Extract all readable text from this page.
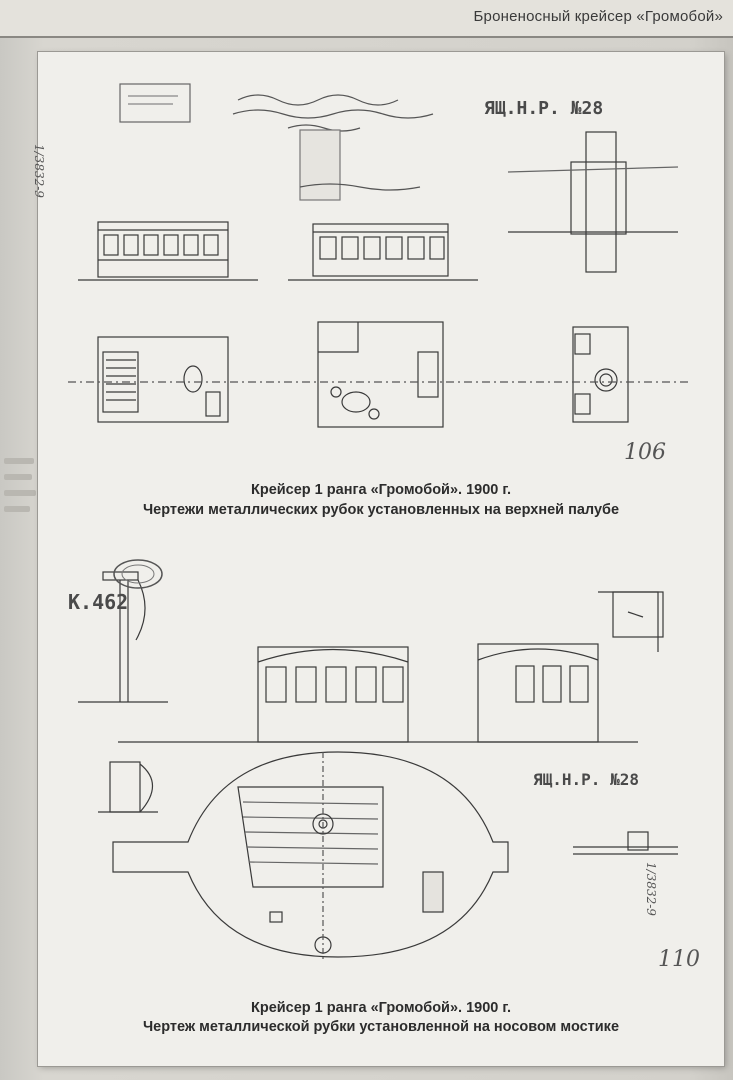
Броненосный крейсер «Громобой»
ЯЩ.Н.Р. №28
106
1/3832-9
К.462
ЯЩ.Н.Р. №28
110
1/3832-9
Крейсер 1 ранга «Громобой». 1900 г.
Чертежи металлических рубок установленных на верхней палубе
Крейсер 1 ранга «Громобой». 1900 г.
Чертеж металлической рубки установленной на носовом мостике
